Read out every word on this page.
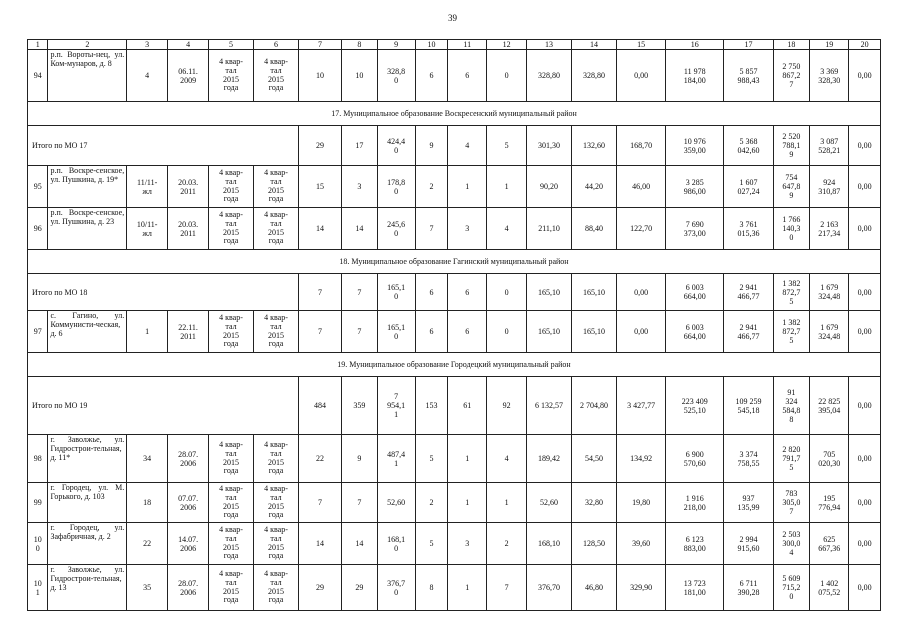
39
1	2	3	4	5	6	7	8	9	10	11	12	13	14	15	16	17	18	19	20
94	р.п. Вороты-нец, ул. Ком-мунаров, д. 8	4	06.11.
2009	4 квар-
тал
2015
года	4 квар-
тал
2015
года	10	10	328,8
0	6	6	0	328,80	328,80	0,00	11 978
184,00	5 857
988,43	2 750
867,2
7	3 369
328,30	0,00
17. Муниципальное образование Воскресенский муниципальный район																			
Итого по МО 17						29	17	424,4
0	9	4	5	301,30	132,60	168,70	10 976
359,00	5 368
042,60	2 520
788,1
9	3 087
528,21	0,00
95	р.п. Воскре-сенское, ул. Пушкина, д. 19*	11/11-
жл	20.03.
2011	4 квар-
тал
2015
года	4 квар-
тал
2015
года	15	3	178,8
0	2	1	1	90,20	44,20	46,00	3 285
986,00	1 607
027,24	754
647,8
9	924
310,87	0,00
96	р.п. Воскре-сенское, ул. Пушкина, д. 23	10/11-
жл	20.03.
2011	4 квар-
тал
2015
года	4 квар-
тал
2015
года	14	14	245,6
0	7	3	4	211,10	88,40	122,70	7 690
373,00	3 761
015,36	1 766
140,3
0	2 163
217,34	0,00
18. Муниципальное образование Гагинский муниципальный район																			
Итого по МО 18						7	7	165,1
0	6	6	0	165,10	165,10	0,00	6 003
664,00	2 941
466,77	1 382
872,7
5	1 679
324,48	0,00
97	с. Гагино, ул. Коммунисти-ческая, д. 6	1	22.11.
2011	4 квар-
тал
2015
года	4 квар-
тал
2015
года	7	7	165,1
0	6	6	0	165,10	165,10	0,00	6 003
664,00	2 941
466,77	1 382
872,7
5	1 679
324,48	0,00
19. Муниципальное образование Городецкий муниципальный район																			
Итого по МО 19						484	359	7
954,1
1	153	61	92	6 132,57	2 704,80	3 427,77	223 409
525,10	109 259
545,18	91
324
584,8
8	22 825
395,04	0,00
98	г. Заволжье, ул. Гидрострои-тельная, д. 11*	34	28.07.
2006	4 квар-
тал
2015
года	4 квар-
тал
2015
года	22	9	487,4
1	5	1	4	189,42	54,50	134,92	6 900
570,60	3 374
758,55	2 820
791,7
5	705
020,30	0,00
99	г. Городец, ул. М. Горького, д. 103	18	07.07.
2006	4 квар-
тал
2015
года	4 квар-
тал
2015
года	7	7	52,60	2	1	1	52,60	32,80	19,80	1 916
218,00	937
135,99	783
305,0
7	195
776,94	0,00
10
0	г. Городец, ул. Зафабричная, д. 2	22	14.07.
2006	4 квар-
тал
2015
года	4 квар-
тал
2015
года	14	14	168,1
0	5	3	2	168,10	128,50	39,60	6 123
883,00	2 994
915,60	2 503
300,0
4	625
667,36	0,00
10
1	г. Заволжье, ул. Гидрострои-тельная, д. 13	35	28.07.
2006	4 квар-
тал
2015
года	4 квар-
тал
2015
года	29	29	376,7
0	8	1	7	376,70	46,80	329,90	13 723
181,00	6 711
390,28	5 609
715,2
0	1 402
075,52	0,00
